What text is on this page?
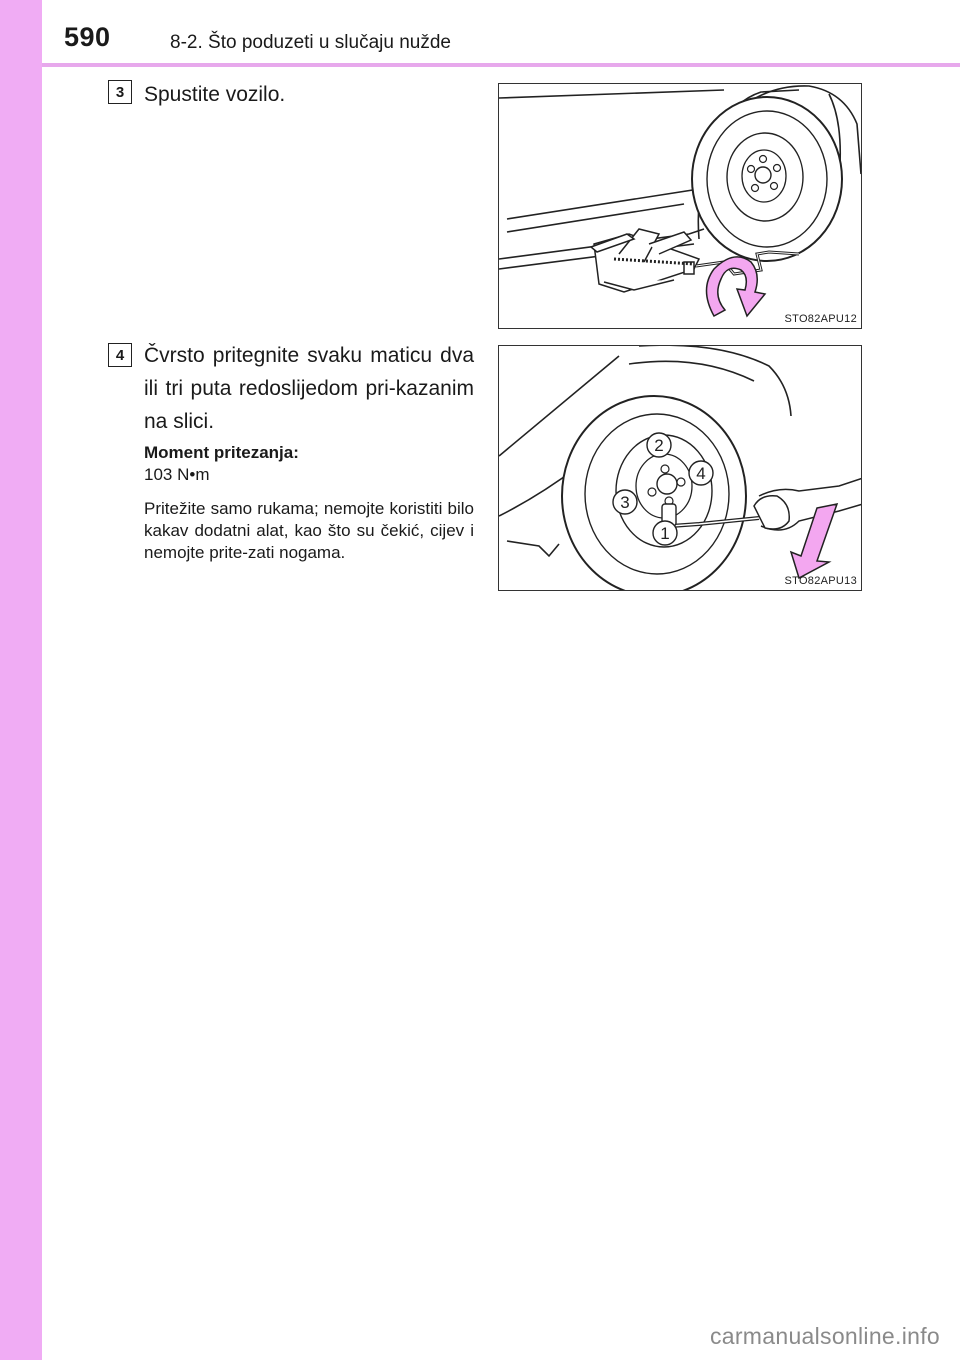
590	8-2. Što poduzeti u slučaju nužde
3 Spustite vozilo.
STO82APU12
4 Čvrsto pritegnite svaku maticu dva ili tri puta redoslijedom pri-kazanim na slici.
Moment pritezanja:
103 N•m
Pritežite samo rukama; nemojte koristiti bilo kakav dodatni alat, kao što su čekić, cijev i nemojte prite-zati nogama.
1
2
3
4
STO82APU13
carmanualsonline.info
